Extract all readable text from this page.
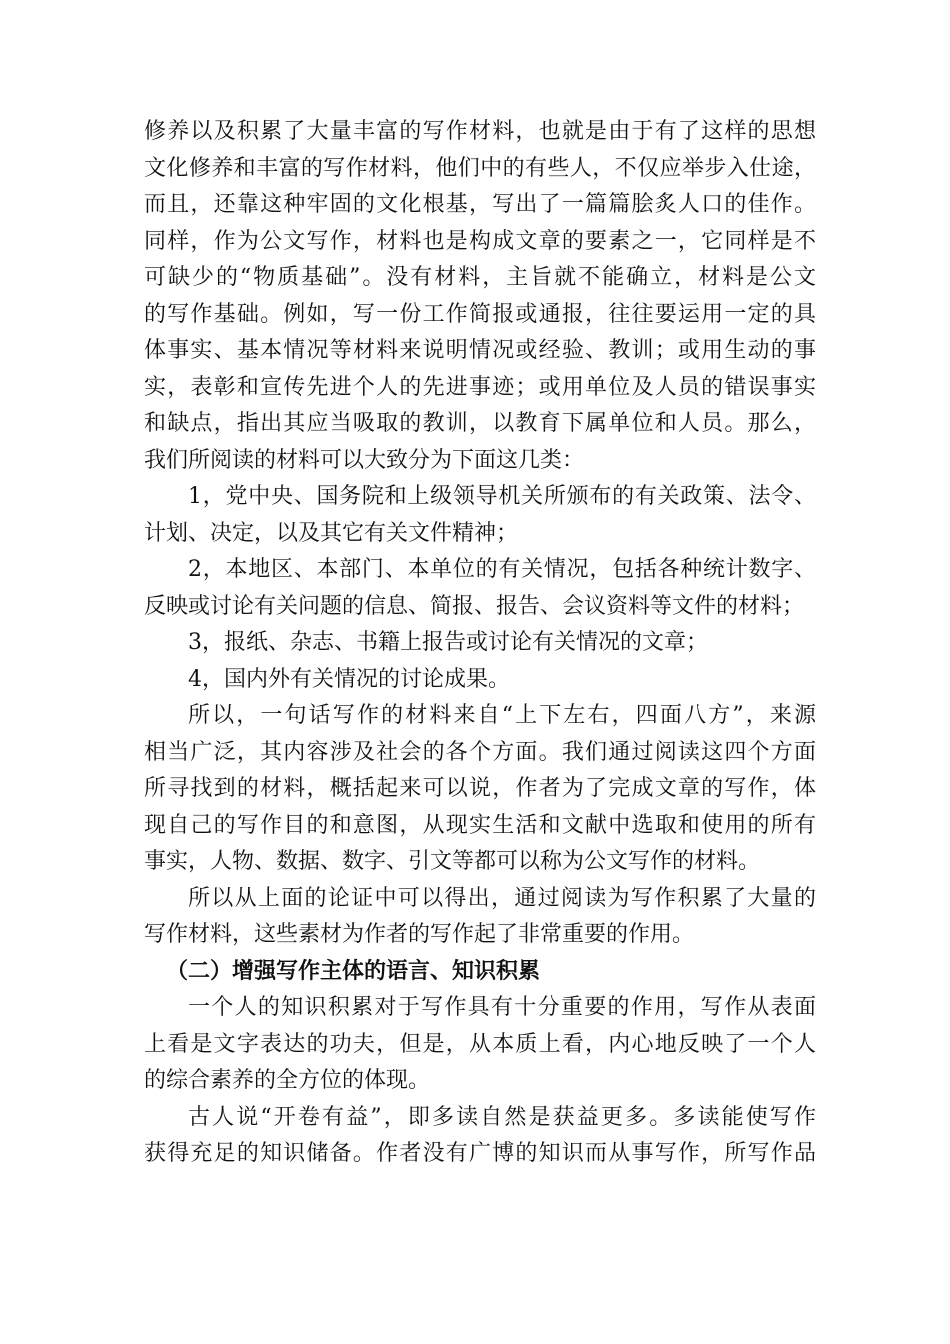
修养以及积累了大量丰富的写作材料，也就是由于有了这样的思想
文化修养和丰富的写作材料，他们中的有些人，不仅应举步入仕途，
而且，还靠这种牢固的文化根基，写出了一篇篇脍炙人口的佳作。
同样，作为公文写作，材料也是构成文章的要素之一，它同样是不
可缺少的“物质基础”。没有材料，主旨就不能确立，材料是公文
的写作基础。例如，写一份工作简报或通报，往往要运用一定的具
体事实、基本情况等材料来说明情况或经验、教训；或用生动的事
实，表彰和宣传先进个人的先进事迹；或用单位及人员的错误事实
和缺点，指出其应当吸取的教训，以教育下属单位和人员。那么，
我们所阅读的材料可以大致分为下面这几类：

1，党中央、国务院和上级领导机关所颁布的有关政策、法令、
计划、决定，以及其它有关文件精神；

2，本地区、本部门、本单位的有关情况，包括各种统计数字、
反映或讨论有关问题的信息、简报、报告、会议资料等文件的材料；

3，报纸、杂志、书籍上报告或讨论有关情况的文章；

4，国内外有关情况的讨论成果。

所以，一句话写作的材料来自“上下左右，四面八方”，来源
相当广泛，其内容涉及社会的各个方面。我们通过阅读这四个方面
所寻找到的材料，概括起来可以说，作者为了完成文章的写作，体
现自己的写作目的和意图，从现实生活和文献中选取和使用的所有
事实，人物、数据、数字、引文等都可以称为公文写作的材料。

所以从上面的论证中可以得出，通过阅读为写作积累了大量的
写作材料，这些素材为作者的写作起了非常重要的作用。

（二）增强写作主体的语言、知识积累

一个人的知识积累对于写作具有十分重要的作用，写作从表面
上看是文字表达的功夫，但是，从本质上看，内心地反映了一个人
的综合素养的全方位的体现。

古人说“开卷有益”，即多读自然是获益更多。多读能使写作
获得充足的知识储备。作者没有广博的知识而从事写作，所写作品
